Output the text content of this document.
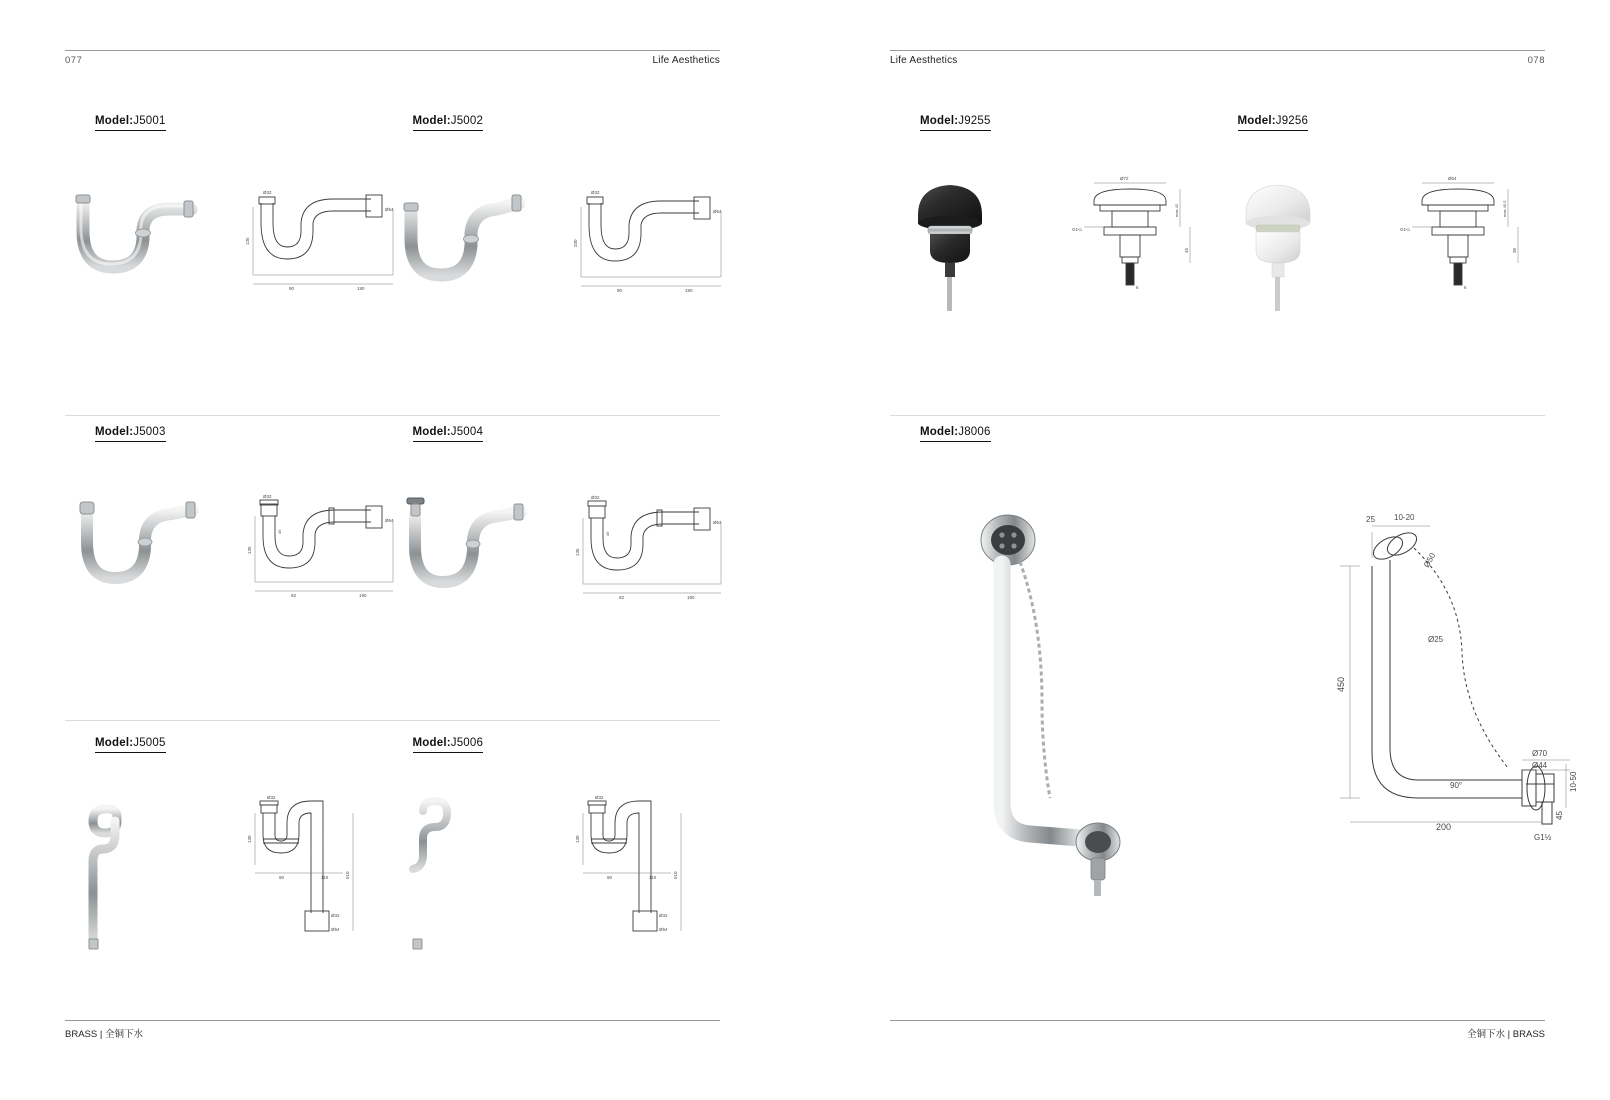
077	Life Aesthetics
Model:J5001
135
Ø32
Ø64
90	190
Model:J5002
330
Ø32
Ø64
90	190
Model:J5003
135
Ø32
Ø64
45
92	190
Model:J5004
135
Ø32
Ø64
45
92	190
Model:J5005
130
Ø32
90	110	510
Ø32
Ø64
Model:J5006
130
Ø32
90	110	510
Ø32
Ø64
BRASS | 全铜下水
Life Aesthetics	078
Model:J9255
Ø72
max 42
45
G1¼
6
Model:J9256
Ø64
max 45.5
36
G1¼
6
Model:J8006
450
200
25 10-20
Ø50
Ø25
Ø70
Ø44
10-50
45
90°
G1½
全铜下水 | BRASS
